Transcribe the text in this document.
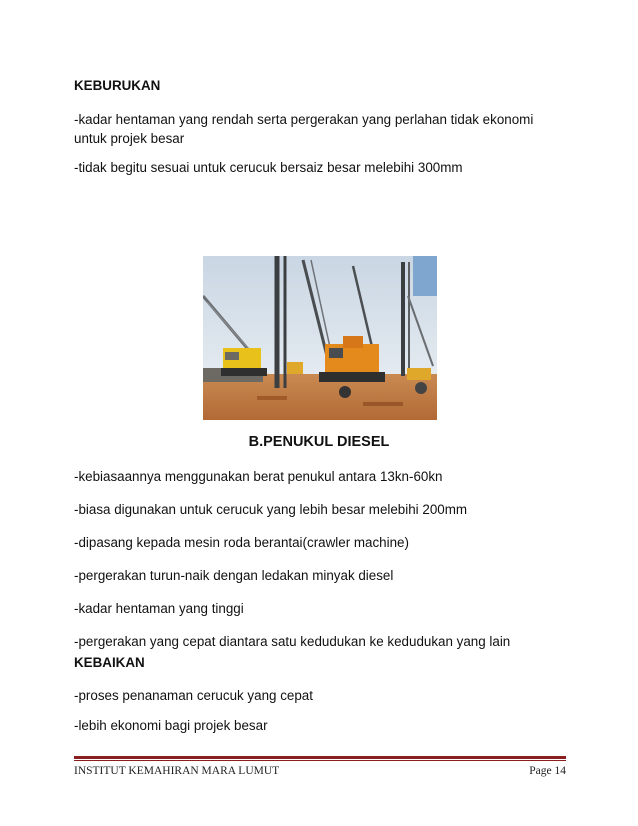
KEBURUKAN
-kadar hentaman yang rendah serta pergerakan yang perlahan tidak ekonomi untuk projek besar
-tidak begitu sesuai untuk cerucuk bersaiz besar melebihi 300mm
B.PENUKUL DIESEL
-kebiasaannya menggunakan berat penukul antara 13kn-60kn
-biasa digunakan untuk cerucuk yang lebih besar melebihi 200mm
-dipasang kepada mesin roda berantai(crawler machine)
-pergerakan turun-naik dengan ledakan minyak diesel
-kadar hentaman yang tinggi
-pergerakan yang cepat diantara satu kedudukan ke kedudukan yang lain
KEBAIKAN
-proses penanaman cerucuk yang cepat
-lebih ekonomi bagi projek besar
INSTITUT KEMAHIRAN MARA LUMUT	Page 14
